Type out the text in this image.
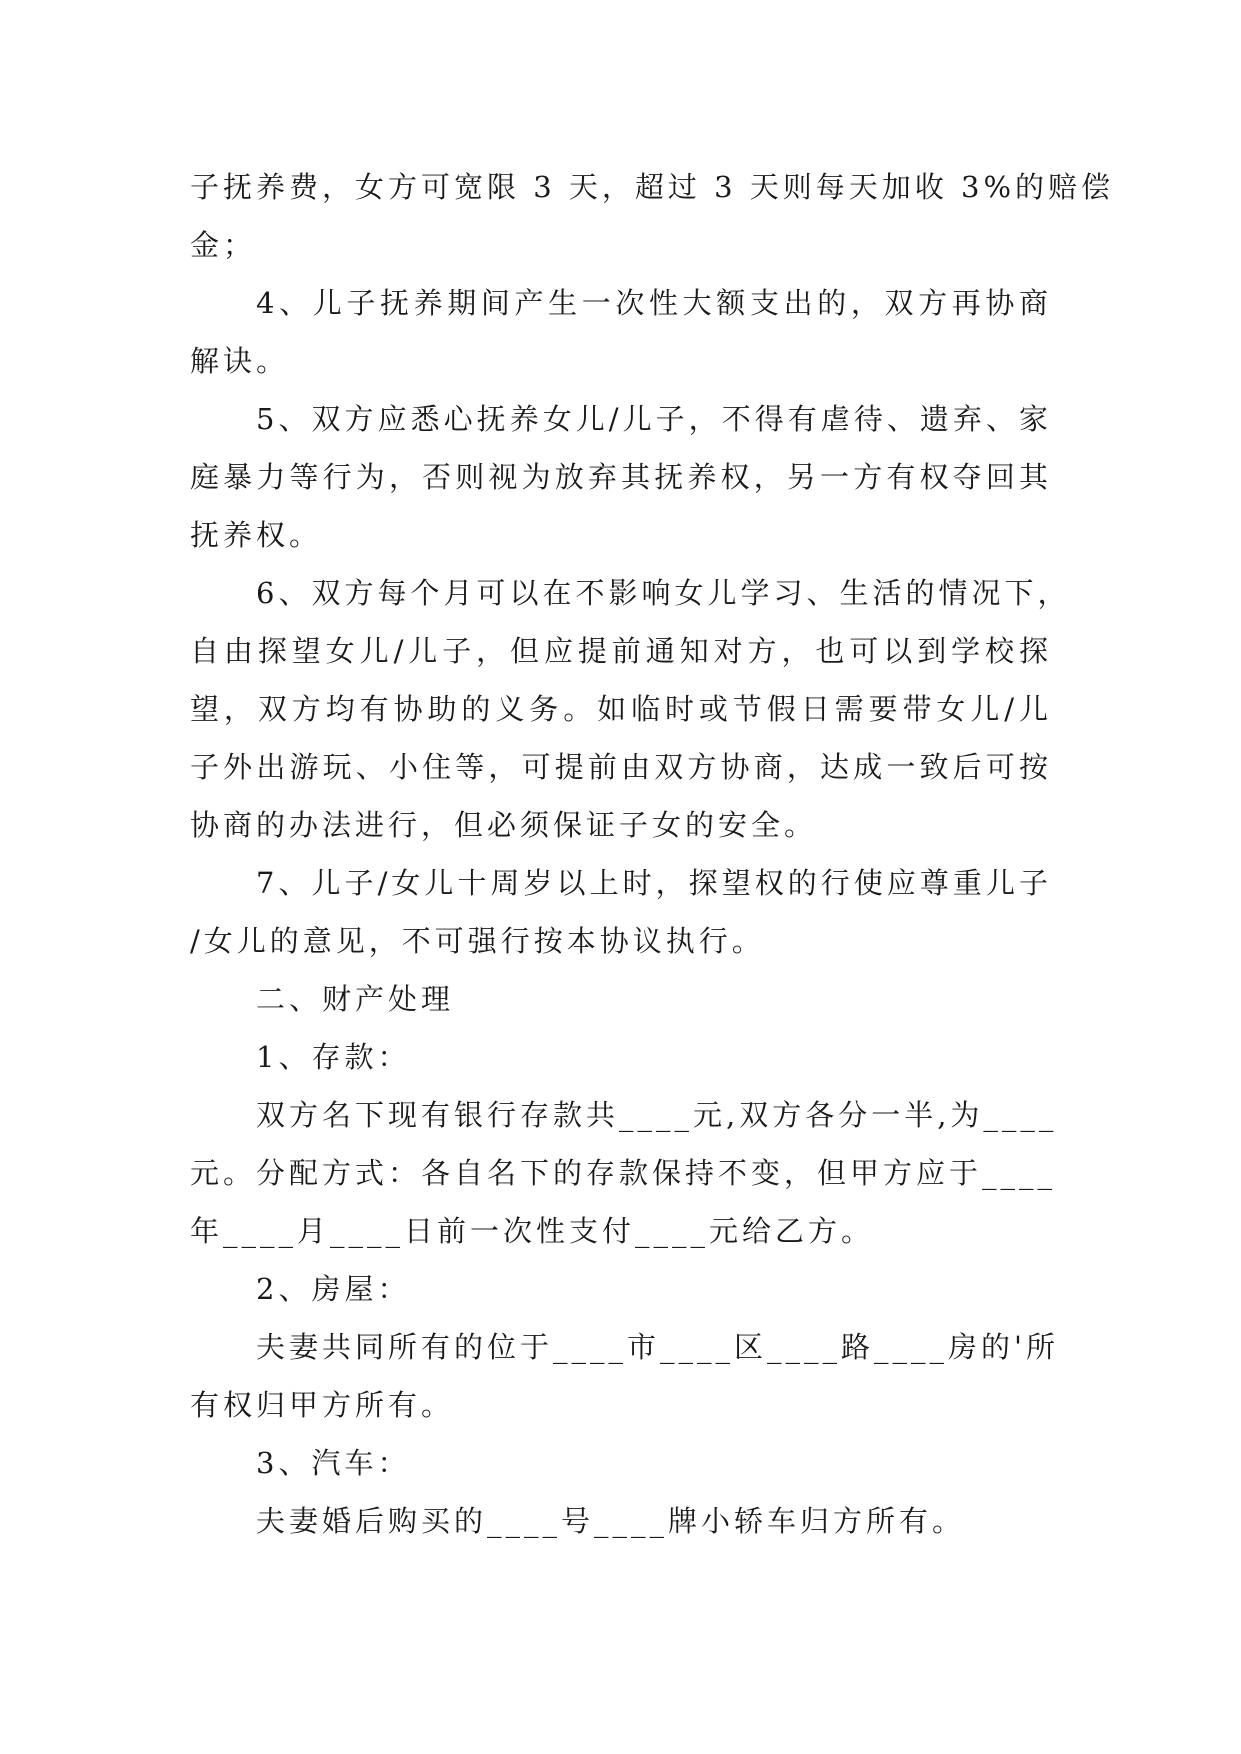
子抚养费，女方可宽限 3 天，超过 3 天则每天加收 3%的赔偿
金；
4、儿子抚养期间产生一次性大额支出的，双方再协商
解诀。
5、双方应悉心抚养女儿/儿子，不得有虐待、遗弃、家
庭暴力等行为，否则视为放弃其抚养权，另一方有权夺回其
抚养权。
6、双方每个月可以在不影响女儿学习、生活的情况下，
自由探望女儿/儿子，但应提前通知对方，也可以到学校探
望，双方均有协助的义务。如临时或节假日需要带女儿/儿
子外出游玩、小住等，可提前由双方协商，达成一致后可按
协商的办法进行，但必须保证子女的安全。
7、儿子/女儿十周岁以上时，探望权的行使应尊重儿子
/女儿的意见，不可强行按本协议执行。
二、财产处理
1、存款：
双方名下现有银行存款共____元,双方各分一半,为____
元。分配方式：各自名下的存款保持不变，但甲方应于____
年____月____日前一次性支付____元给乙方。
2、房屋：
夫妻共同所有的位于____市____区____路____房的'所
有权归甲方所有。
3、汽车：
夫妻婚后购买的____号____牌小轿车归方所有。
